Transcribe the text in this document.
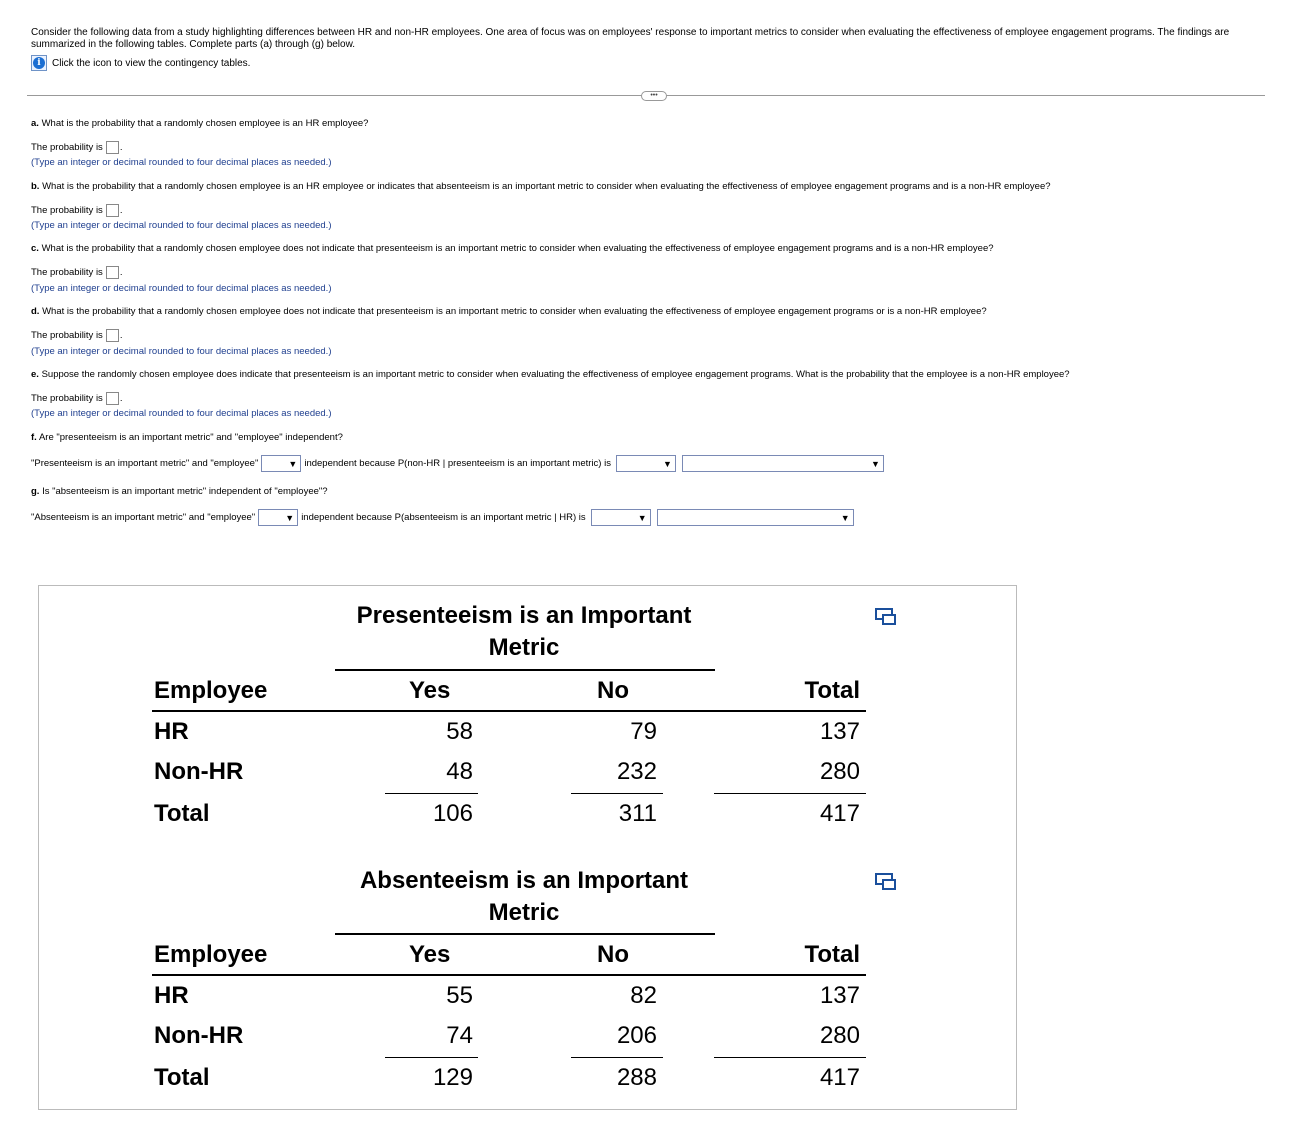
Consider the following data from a study highlighting differences between HR and non-HR employees. One area of focus was on employees' response to important metrics to consider when evaluating the effectiveness of employee engagement programs. The findings are summarized in the following tables. Complete parts (a) through (g) below.
i	Click the icon to view the contingency tables.
•••
a. What is the probability that a randomly chosen employee is an HR employee?
The probability is .
(Type an integer or decimal rounded to four decimal places as needed.)
b. What is the probability that a randomly chosen employee is an HR employee or indicates that absenteeism is an important metric to consider when evaluating the effectiveness of employee engagement programs and is a non-HR employee?
The probability is .
(Type an integer or decimal rounded to four decimal places as needed.)
c. What is the probability that a randomly chosen employee does not indicate that presenteeism is an important metric to consider when evaluating the effectiveness of employee engagement programs and is a non-HR employee?
The probability is .
(Type an integer or decimal rounded to four decimal places as needed.)
d. What is the probability that a randomly chosen employee does not indicate that presenteeism is an important metric to consider when evaluating the effectiveness of employee engagement programs or is a non-HR employee?
The probability is .
(Type an integer or decimal rounded to four decimal places as needed.)
e. Suppose the randomly chosen employee does indicate that presenteeism is an important metric to consider when evaluating the effectiveness of employee engagement programs. What is the probability that the employee is a non-HR employee?
The probability is .
(Type an integer or decimal rounded to four decimal places as needed.)
f. Are "presenteeism is an important metric" and "employee" independent?
"Presenteeism is an important metric" and "employee"	▼ independent because P(non-HR | presenteeism is an important metric) is	▼	▼
g. Is "absenteeism is an important metric" independent of "employee"?
"Absenteeism is an important metric" and "employee"	▼ independent because P(absenteeism is an important metric | HR) is	▼	▼
Presenteeism is an Important Metric
Employee	Yes	No	Total
HR	58	79	137
Non-HR	48	232	280
Total	106	311	417
Absenteeism is an Important Metric
Employee	Yes	No	Total
HR	55	82	137
Non-HR	74	206	280
Total	129	288	417
